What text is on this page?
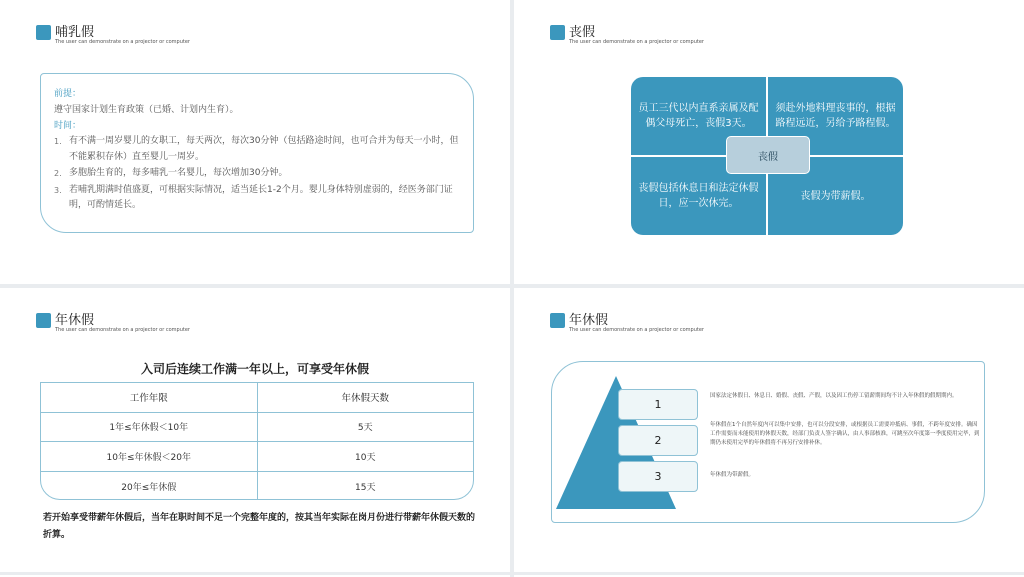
哺乳假
The user can demonstrate on a projector or computer
前提：
遵守国家计划生育政策（已婚、计划内生育）。
时间：
1. 有不满一周岁婴儿的女职工，每天两次，每次30分钟（包括路途时间，也可合并为每天一小时，但不能累积存休）直至婴儿一周岁。
2. 多胞胎生育的，每多哺乳一名婴儿，每次增加30分钟。
3. 若哺乳期满时值盛夏，可根据实际情况，适当延长1-2个月。婴儿身体特别虚弱的，经医务部门证明，可酌情延长。
丧假
The user can demonstrate on a projector or computer
员工三代以内直系亲属及配偶父母死亡，丧假3天。
须赴外地料理丧事的，根据路程远近，另给予路程假。
丧假包括休息日和法定休假日，应一次休完。
丧假为带薪假。
丧假
年休假
The user can demonstrate on a projector or computer
入司后连续工作满一年以上，可享受年休假
工作年限	年休假天数
1年≤年休假＜10年	5天
10年≤年休假＜20年	10天
20年≤年休假	15天
若开始享受带薪年休假后，当年在职时间不足一个完整年度的，按其当年实际在岗月份进行带薪年休假天数的折算。
年休假
The user can demonstrate on a projector or computer
1
2
3
国家法定休假日、休息日、婚假、丧假、产假，以及因工伤停工留薪期间均不计入年休假的假期期内。
年休假在1个自然年度内可以集中安排，也可以分段安排，或根据员工需要冲抵病、事假，不跨年度安排。确因工作需要而未能使用的休假天数，经部门负责人签字确认，由人事部核准，可跳至次年度第一季度使用完毕，到期仍未使用完毕的年休假将不再另行安排补休。
年休假为带薪假。
